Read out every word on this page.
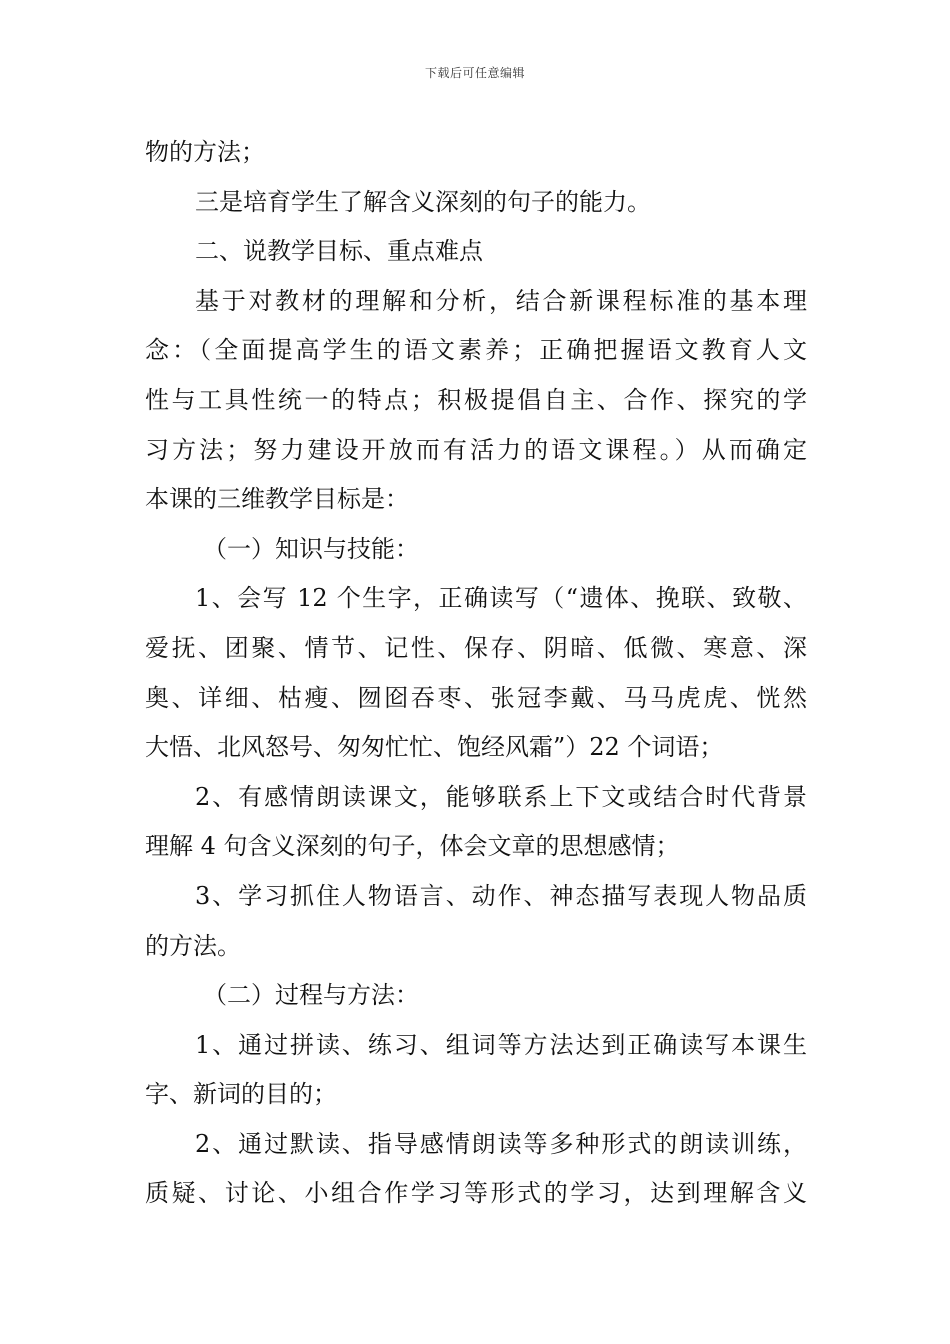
下载后可任意编辑
物的方法；
三是培育学生了解含义深刻的句子的能力。
二、说教学目标、重点难点
基于对教材的理解和分析，结合新课程标准的基本理
念：（全面提高学生的语文素养；正确把握语文教育人文
性与工具性统一的特点；积极提倡自主、合作、探究的学
习方法；努力建设开放而有活力的语文课程。）从而确定
本课的三维教学目标是：
（一）知识与技能：
1、会写 12 个生字，正确读写（“遗体、挽联、致敬、
爱抚、团聚、情节、记性、保存、阴暗、低微、寒意、深
奥、详细、枯瘦、囫囵吞枣、张冠李戴、马马虎虎、恍然
大悟、北风怒号、匆匆忙忙、饱经风霜”）22 个词语；
2、有感情朗读课文，能够联系上下文或结合时代背景
理解 4 句含义深刻的句子，体会文章的思想感情；
3、学习抓住人物语言、动作、神态描写表现人物品质
的方法。
（二）过程与方法：
1、通过拼读、练习、组词等方法达到正确读写本课生
字、新词的目的；
2、通过默读、指导感情朗读等多种形式的朗读训练，
质疑、讨论、小组合作学习等形式的学习，达到理解含义
